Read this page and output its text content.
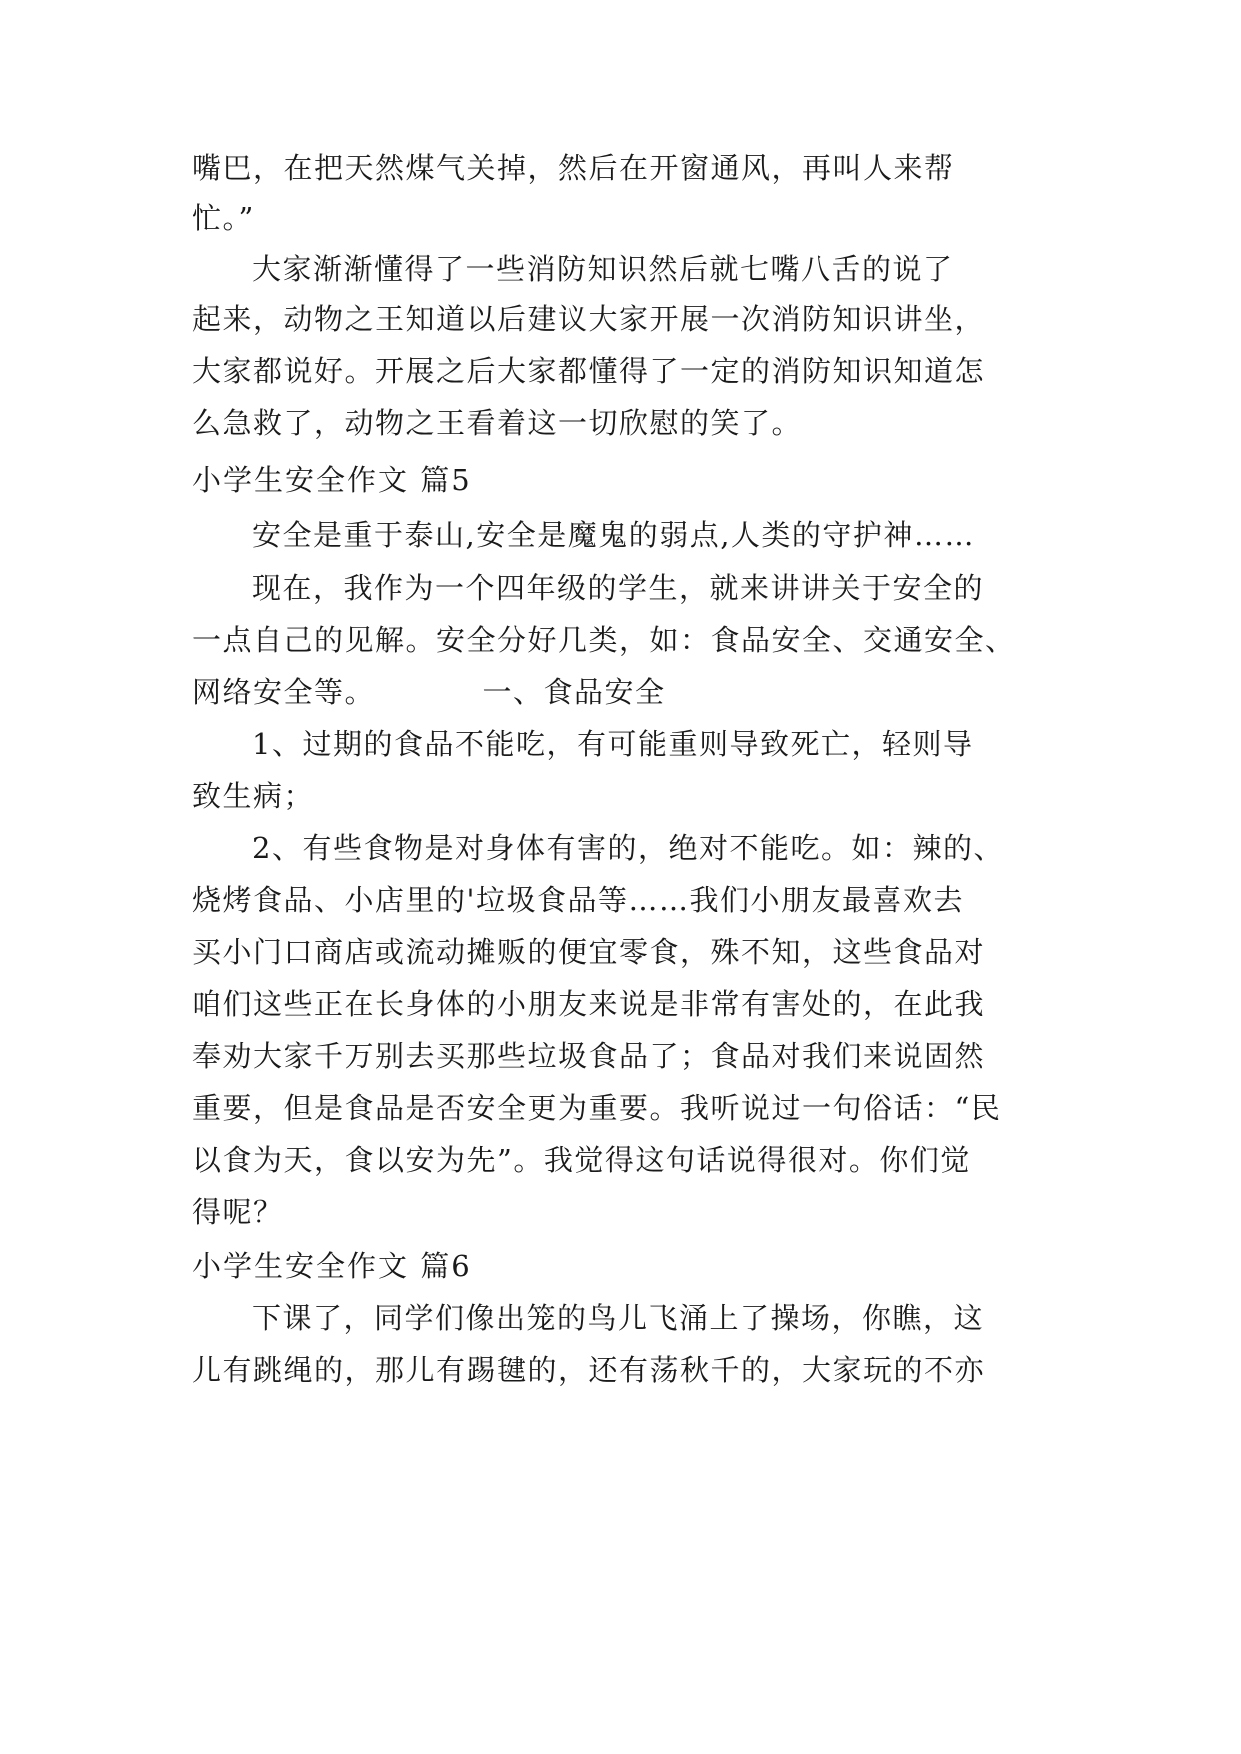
嘴巴，在把天然煤气关掉，然后在开窗通风，再叫人来帮
忙。”
大家渐渐懂得了一些消防知识然后就七嘴八舌的说了
起来，动物之王知道以后建议大家开展一次消防知识讲坐，
大家都说好。开展之后大家都懂得了一定的消防知识知道怎
么急救了，动物之王看着这一切欣慰的笑了。
小学生安全作文 篇5
安全是重于泰山,安全是魔鬼的弱点,人类的守护神……
现在，我作为一个四年级的学生，就来讲讲关于安全的
一点自己的见解。安全分好几类，如：食品安全、交通安全、
网络安全等。　　　　一、食品安全
1、过期的食品不能吃，有可能重则导致死亡，轻则导
致生病；
2、有些食物是对身体有害的，绝对不能吃。如：辣的、
烧烤食品、小店里的'垃圾食品等……我们小朋友最喜欢去
买小门口商店或流动摊贩的便宜零食，殊不知，这些食品对
咱们这些正在长身体的小朋友来说是非常有害处的，在此我
奉劝大家千万别去买那些垃圾食品了；食品对我们来说固然
重要，但是食品是否安全更为重要。我听说过一句俗话：“民
以食为天，食以安为先”。我觉得这句话说得很对。你们觉
得呢？
小学生安全作文 篇6
下课了，同学们像出笼的鸟儿飞涌上了操场，你瞧，这
儿有跳绳的，那儿有踢毽的，还有荡秋千的，大家玩的不亦
